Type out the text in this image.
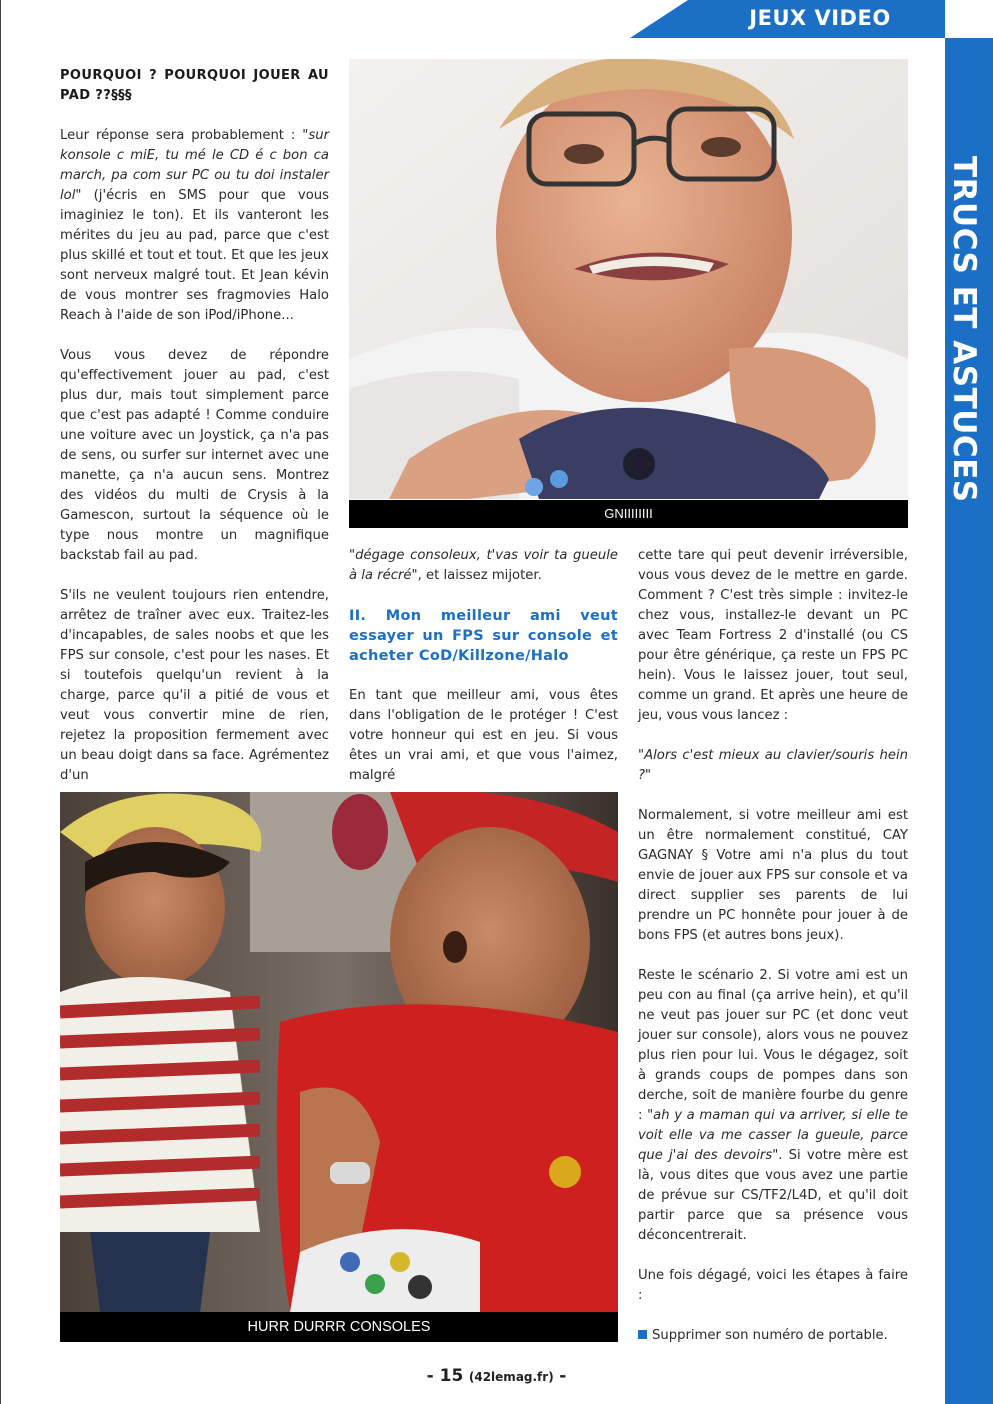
JEUX VIDEO
TRUCS ET ASTUCES
POURQUOI ? POURQUOI JOUER AU PAD ??§§§

Leur réponse sera probablement : "sur konsole c miE, tu mé le CD é c bon ca march, pa com sur PC ou tu doi instaler lol" (j'écris en SMS pour que vous imaginiez le ton). Et ils vanteront les mérites du jeu au pad, parce que c'est plus skillé et tout et tout. Et que les jeux sont nerveux malgré tout. Et Jean kévin de vous montrer ses fragmovies Halo Reach à l'aide de son iPod/iPhone...

Vous vous devez de répondre qu'effectivement jouer au pad, c'est plus dur, mais tout simplement parce que c'est pas adapté ! Comme conduire une voiture avec un Joystick, ça n'a pas de sens, ou surfer sur internet avec une manette, ça n'a aucun sens. Montrez des vidéos du multi de Crysis à la Gamescon, surtout la séquence où le type nous montre un magnifique backstab fail au pad.

S'ils ne veulent toujours rien entendre, arrêtez de traîner avec eux. Traitez-les d'incapables, de sales noobs et que les FPS sur console, c'est pour les nases. Et si toutefois quelqu'un revient à la charge, parce qu'il a pitié de vous et veut vous convertir mine de rien, rejetez la proposition fermement avec un beau doigt dans sa face. Agrémentez d'un

GNIIIIIIII

"dégage consoleux, t'vas voir ta gueule à la récré", et laissez mijoter.

II. Mon meilleur ami veut essayer un FPS sur console et acheter CoD/Killzone/Halo

En tant que meilleur ami, vous êtes dans l'obligation de le protéger ! C'est votre honneur qui est en jeu. Si vous êtes un vrai ami, et que vous l'aimez, malgré

cette tare qui peut devenir irréversible, vous vous devez de le mettre en garde. Comment ? C'est très simple : invitez-le chez vous, installez-le devant un PC avec Team Fortress 2 d'installé (ou CS pour être générique, ça reste un FPS PC hein). Vous le laissez jouer, tout seul, comme un grand. Et après une heure de jeu, vous vous lancez :

"Alors c'est mieux au clavier/souris hein ?"

Normalement, si votre meilleur ami est un être normalement constitué, CAY GAGNAY § Votre ami n'a plus du tout envie de jouer aux FPS sur console et va direct supplier ses parents de lui prendre un PC honnête pour jouer à de bons FPS (et autres bons jeux).

Reste le scénario 2. Si votre ami est un peu con au final (ça arrive hein), et qu'il ne veut pas jouer sur PC (et donc veut jouer sur console), alors vous ne pouvez plus rien pour lui. Vous le dégagez, soit à grands coups de pompes dans son derche, soit de manière fourbe du genre : "ah y a maman qui va arriver, si elle te voit elle va me casser la gueule, parce que j'ai des devoirs". Si votre mère est là, vous dites que vous avez une partie de prévue sur CS/TF2/L4D, et qu'il doit partir parce que sa présence vous déconcentrerait.

Une fois dégagé, voici les étapes à faire :

Supprimer son numéro de portable.

HURR DURRR CONSOLES
- 15 (42lemag.fr) -
